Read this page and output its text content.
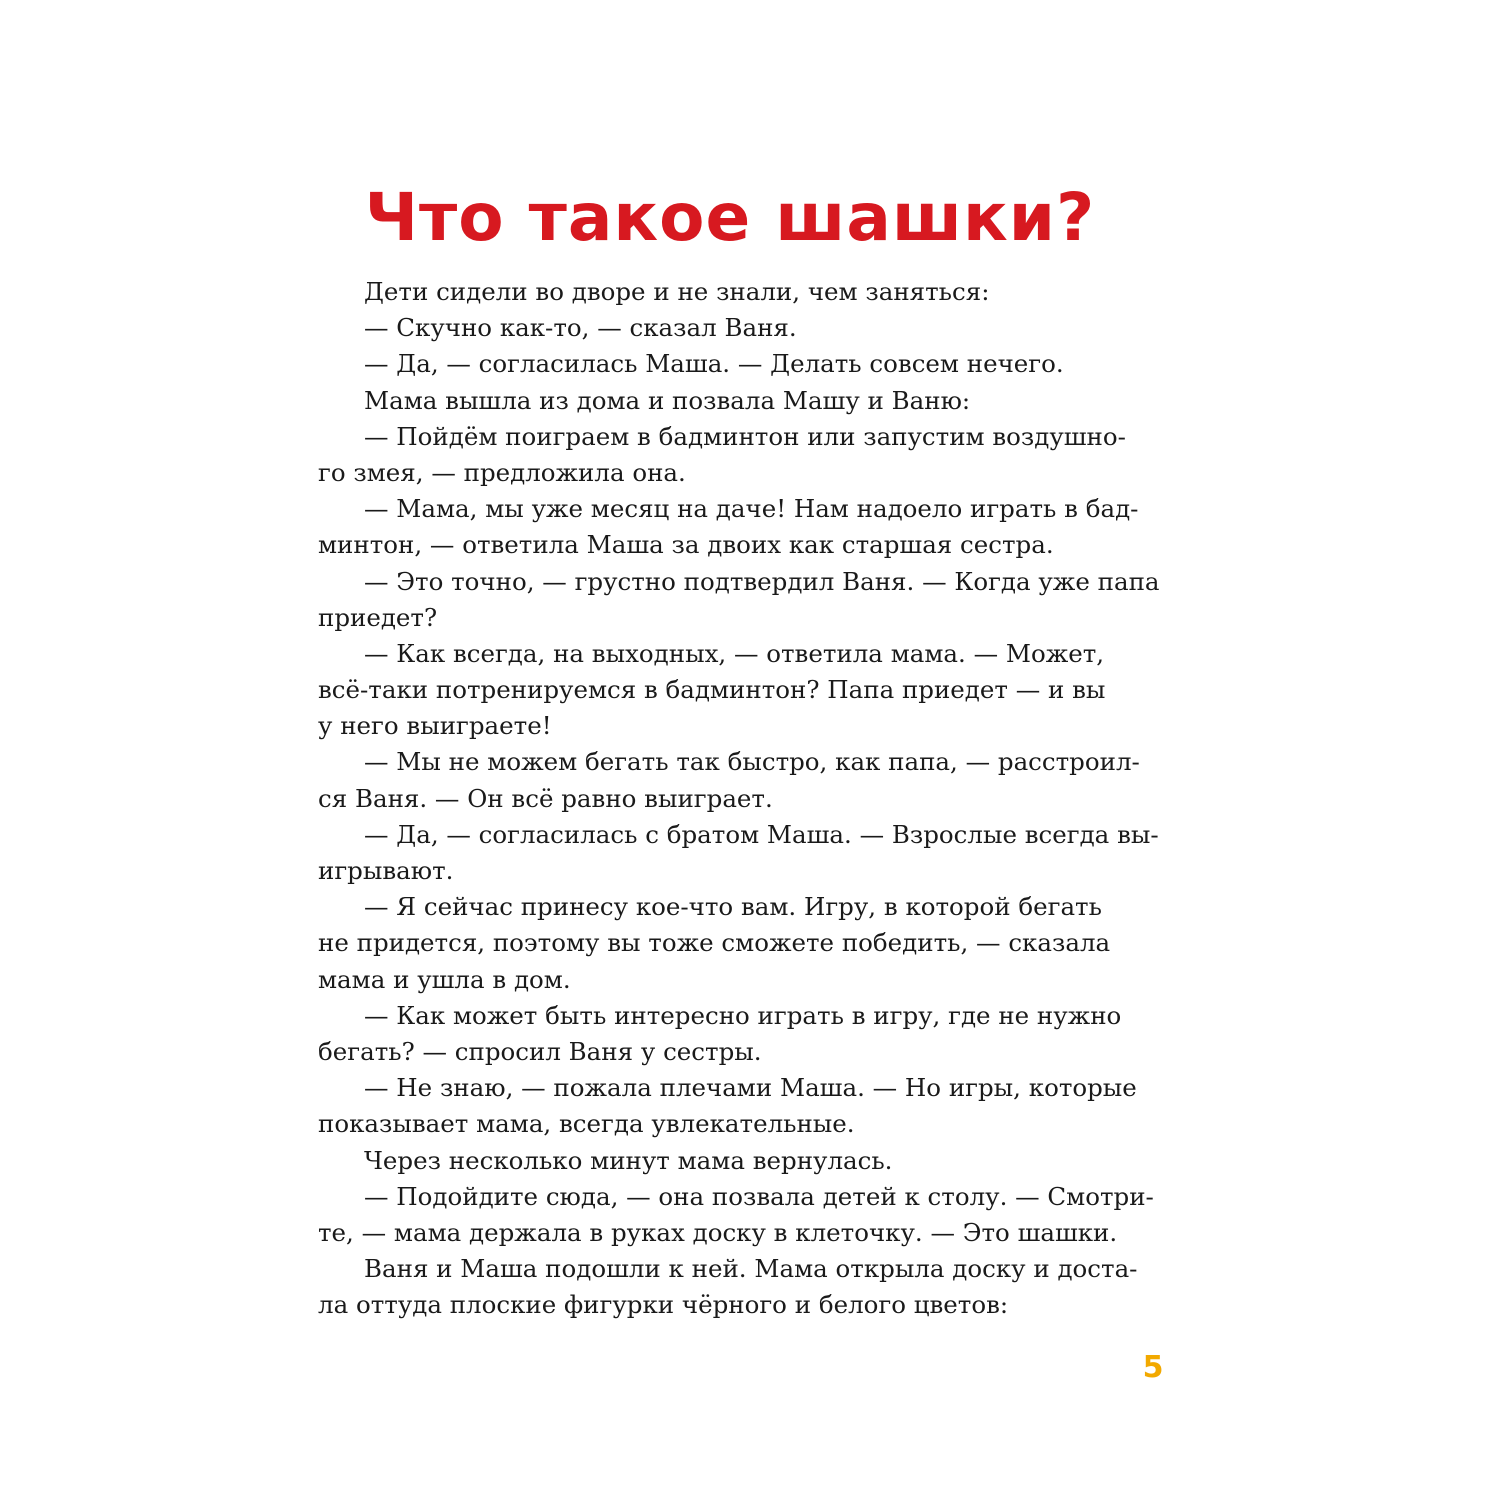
Что такое шашки?
Дети сидели во дворе и не знали, чем заняться:
— Скучно как-то, — сказал Ваня.
— Да, — согласилась Маша. — Делать совсем нечего.
Мама вышла из дома и позвала Машу и Ваню:
— Пойдём поиграем в бадминтон или запустим воздушно-
го змея, — предложила она.
— Мама, мы уже месяц на даче! Нам надоело играть в бад-
минтон, — ответила Маша за двоих как старшая сестра.
— Это точно, — грустно подтвердил Ваня. — Когда уже папа
приедет?
— Как всегда, на выходных, — ответила мама. — Может,
всё-таки потренируемся в бадминтон? Папа приедет — и вы
у него выиграете!
— Мы не можем бегать так быстро, как папа, — расстроил-
ся Ваня. — Он всё равно выиграет.
— Да, — согласилась с братом Маша. — Взрослые всегда вы-
игрывают.
— Я сейчас принесу кое-что вам. Игру, в которой бегать
не придется, поэтому вы тоже сможете победить, — сказала
мама и ушла в дом.
— Как может быть интересно играть в игру, где не нужно
бегать? — спросил Ваня у сестры.
— Не знаю, — пожала плечами Маша. — Но игры, которые
показывает мама, всегда увлекательные.
Через несколько минут мама вернулась.
— Подойдите сюда, — она позвала детей к столу. — Смотри-
те, — мама держала в руках доску в клеточку. — Это шашки.
Ваня и Маша подошли к ней. Мама открыла доску и доста-
ла оттуда плоские фигурки чёрного и белого цветов:
5
